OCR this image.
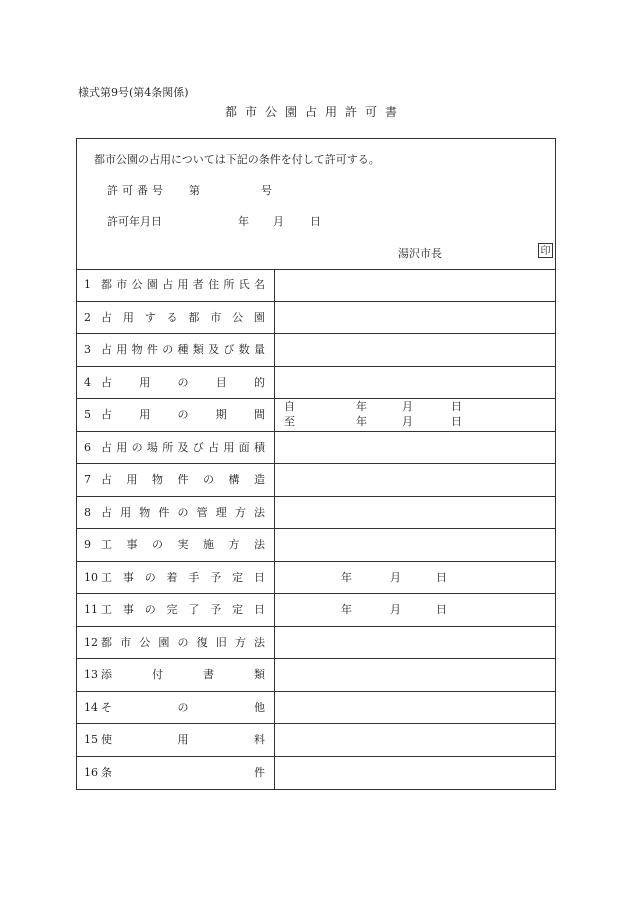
様式第9号(第4条関係)
都市公園占用許可書
都市公園の占用については下記の条件を付して許可する。
許可番号 第	号
許可年月日	年 月 日
湯沢市長	印
1 都 市 公 園 占 用 者 住 所 氏 名
2 占 用 す る 都 市 公 園
3 占 用 物 件 の 種 類 及 び 数 量
4 占 用 の 目 的
5 占 用 の 期 間
自	年	月	日
至	年	月	日
6 占 用 の 場 所 及 び 占 用 面 積
7 占 用 物 件 の 構 造
8 占 用 物 件 の 管 理 方 法
9 工 事 の 実 施 方 法
10 工 事 の 着 手 予 定 日	年	月	日
11 工 事 の 完 了 予 定 日	年	月	日
12 都 市 公 園 の 復 旧 方 法
13 添	付	書	類
14 そ	の	他
15 使	用	料
16 条	件
